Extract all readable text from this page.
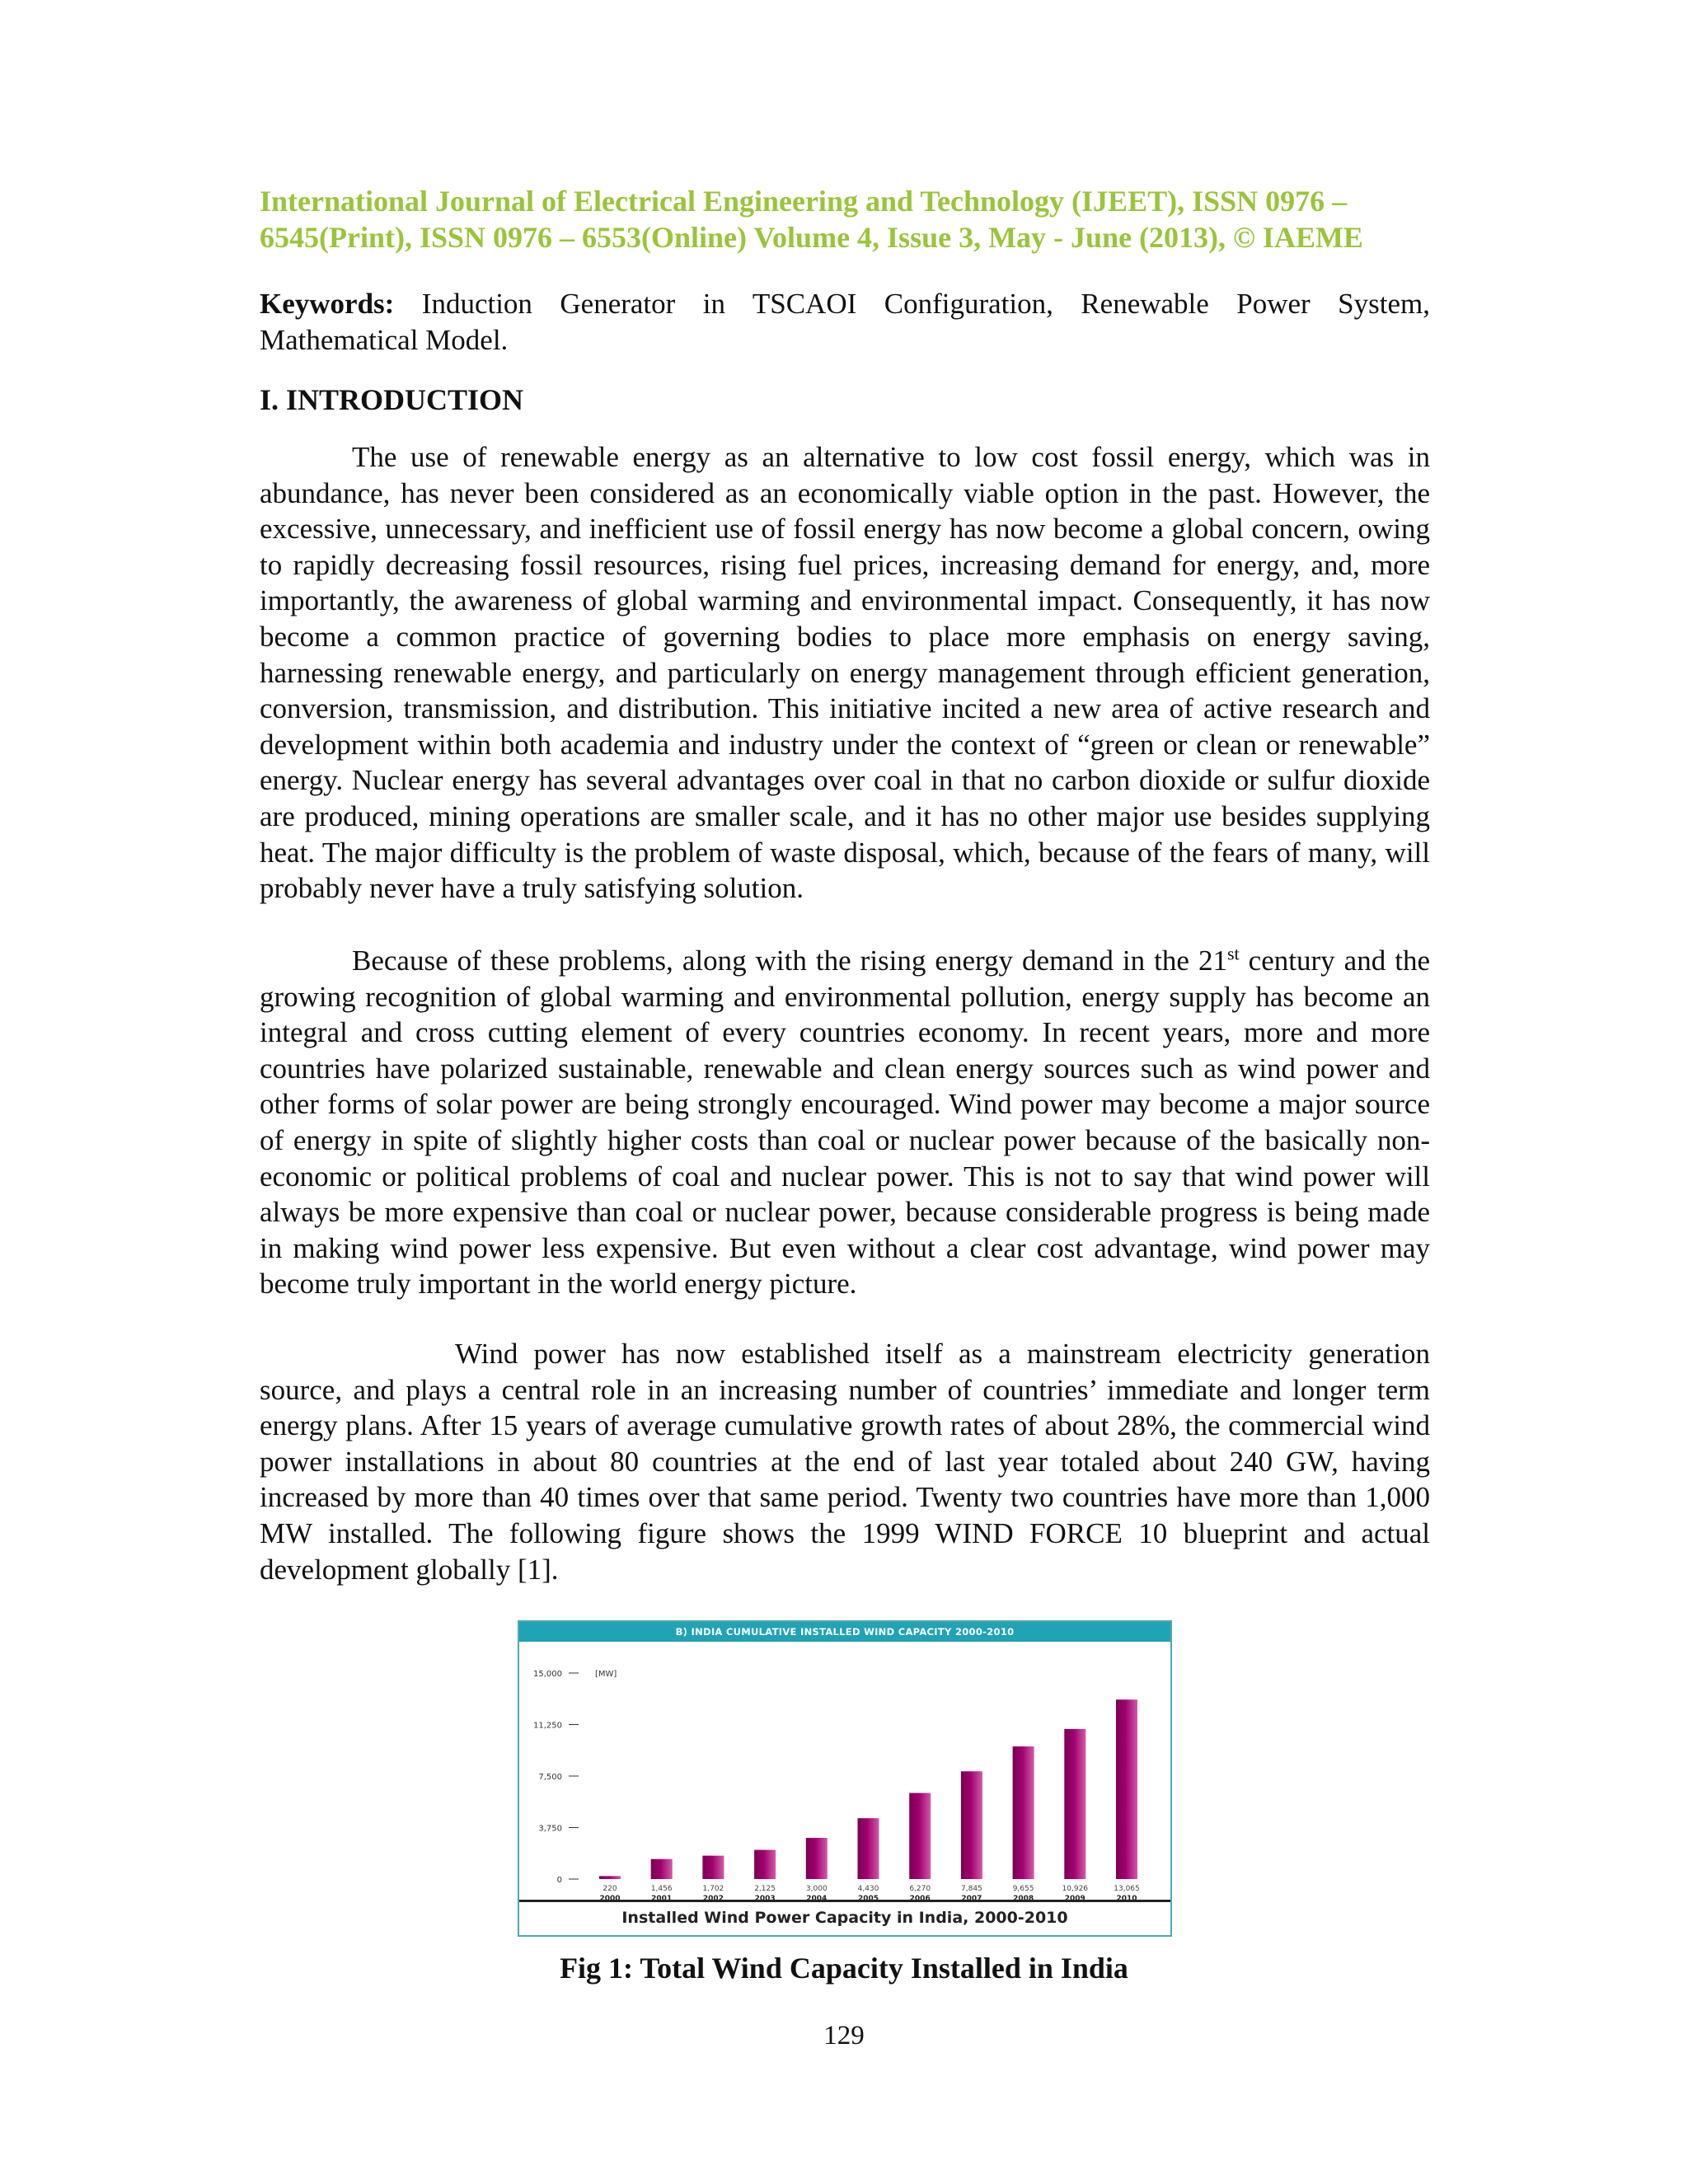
International Journal of Electrical Engineering and Technology (IJEET), ISSN 0976 –
6545(Print), ISSN 0976 – 6553(Online) Volume 4, Issue 3, May - June (2013), © IAEME
Keywords: Induction Generator in TSCAOI Configuration, Renewable Power System, Mathematical Model.
I. INTRODUCTION

The use of renewable energy as an alternative to low cost fossil energy, which was in abundance, has never been considered as an economically viable option in the past. However, the excessive, unnecessary, and inefficient use of fossil energy has now become a global concern, owing to rapidly decreasing fossil resources, rising fuel prices, increasing demand for energy, and, more importantly, the awareness of global warming and environmental impact. Consequently, it has now become a common practice of governing bodies to place more emphasis on energy saving, harnessing renewable energy, and particularly on energy management through efficient generation, conversion, transmission, and distribution. This initiative incited a new area of active research and development within both academia and industry under the context of “green or clean or renewable” energy. Nuclear energy has several advantages over coal in that no carbon dioxide or sulfur dioxide are produced, mining operations are smaller scale, and it has no other major use besides supplying heat. The major difficulty is the problem of waste disposal, which, because of the fears of many, will probably never have a truly satisfying solution.

Because of these problems, along with the rising energy demand in the 21st century and the growing recognition of global warming and environmental pollution, energy supply has become an integral and cross cutting element of every countries economy. In recent years, more and more countries have polarized sustainable, renewable and clean energy sources such as wind power and other forms of solar power are being strongly encouraged. Wind power may become a major source of energy in spite of slightly higher costs than coal or nuclear power because of the basically non-economic or political problems of coal and nuclear power. This is not to say that wind power will always be more expensive than coal or nuclear power, because considerable progress is being made in making wind power less expensive. But even without a clear cost advantage, wind power may become truly important in the world energy picture.

Wind power has now established itself as a mainstream electricity generation source, and plays a central role in an increasing number of countries’ immediate and longer term energy plans. After 15 years of average cumulative growth rates of about 28%, the commercial wind power installations in about 80 countries at the end of last year totaled about 240 GW, having increased by more than 40 times over that same period. Twenty two countries have more than 1,000 MW installed. The following figure shows the 1999 WIND FORCE 10 blueprint and actual development globally [1].

B) INDIA CUMULATIVE INSTALLED WIND CAPACITY 2000-2010
0
3,750
7,500
11,250
15,000	[MW]
220
2000
1,456
2001
1,702
2002
2,125
2003
3,000
2004
4,430
2005
6,270
2006
7,845
2007
9,655
2008
10,926
2009
13,065
2010
Installed Wind Power Capacity in India, 2000-2010
Fig 1: Total Wind Capacity Installed in India
129
